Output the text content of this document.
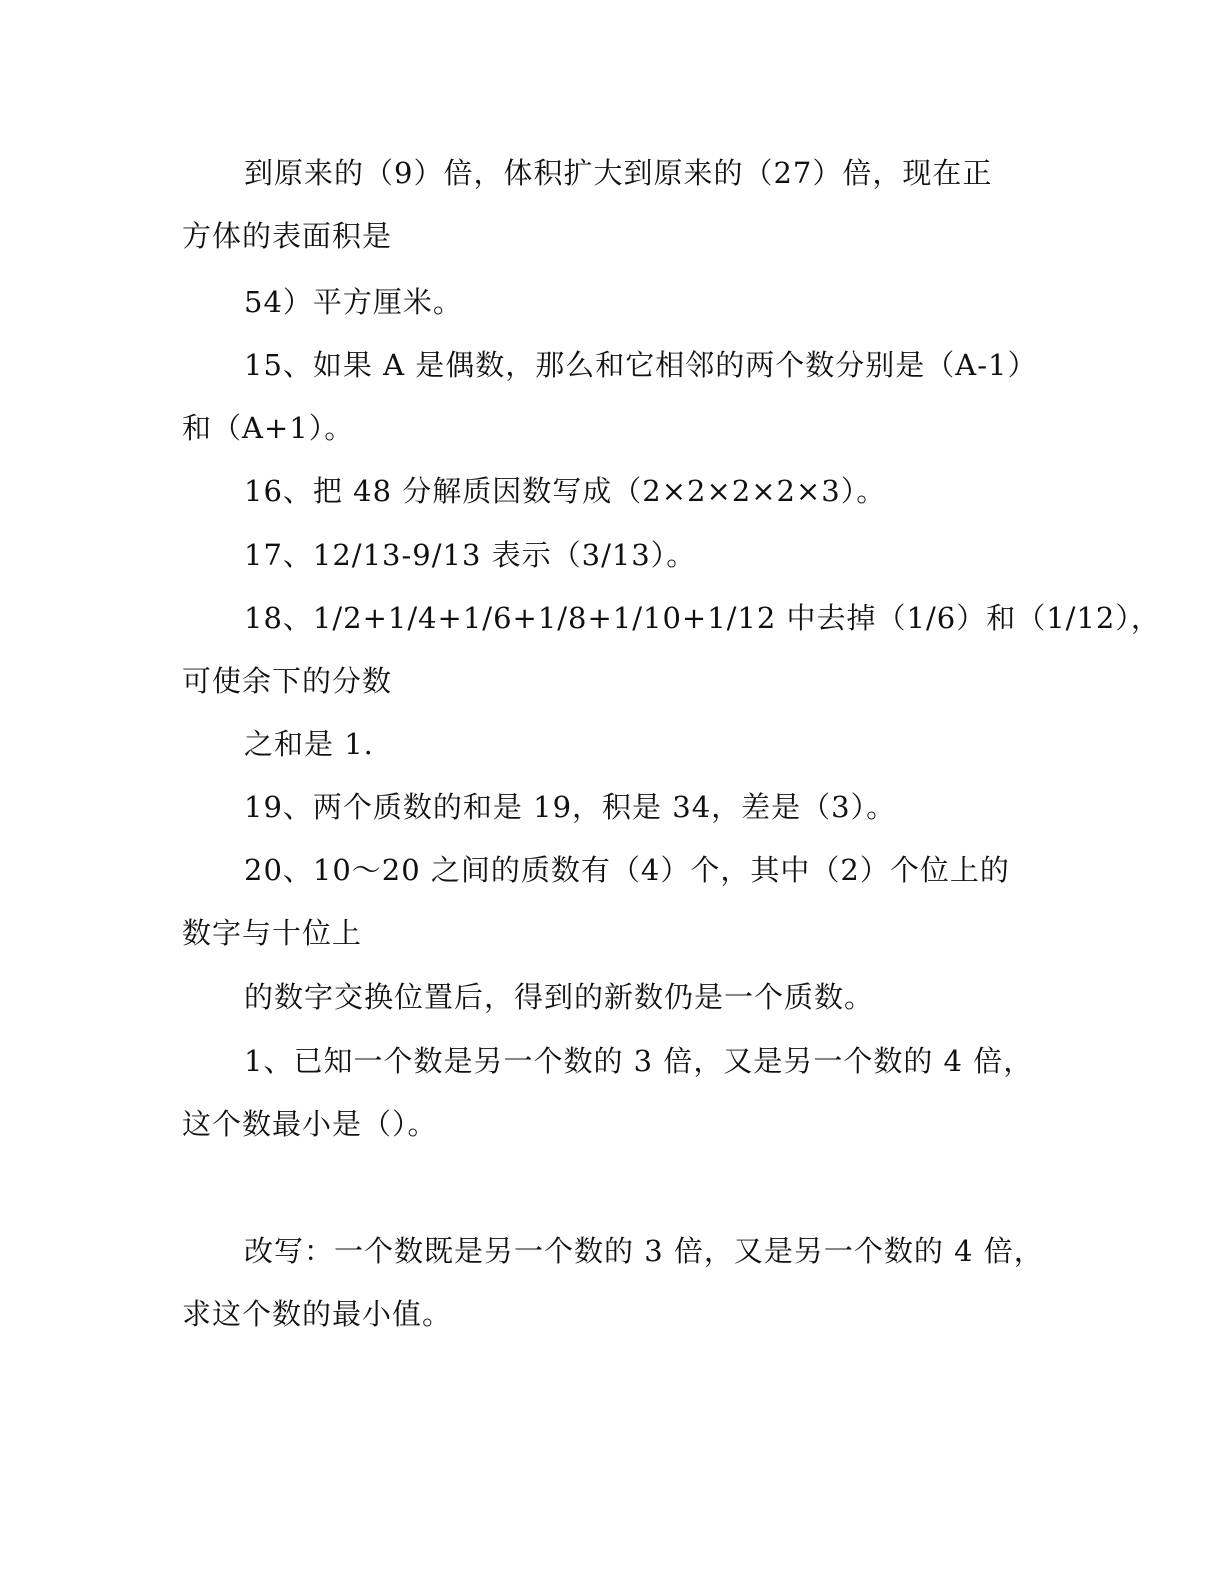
到原来的（9）倍，体积扩大到原来的（27）倍，现在正
方体的表面积是
54）平方厘米。
15、如果 A 是偶数，那么和它相邻的两个数分别是（A-1）
和（A+1）。
16、把 48 分解质因数写成（2×2×2×2×3）。
17、12/13-9/13 表示（3/13）。
18、1/2+1/4+1/6+1/8+1/10+1/12 中去掉（1/6）和（1/12），
可使余下的分数
之和是 1.
19、两个质数的和是 19，积是 34，差是（3）。
20、10～20 之间的质数有（4）个，其中（2）个位上的
数字与十位上
的数字交换位置后，得到的新数仍是一个质数。
1、已知一个数是另一个数的 3 倍，又是另一个数的 4 倍，
这个数最小是（）。
改写：一个数既是另一个数的 3 倍，又是另一个数的 4 倍，
求这个数的最小值。
